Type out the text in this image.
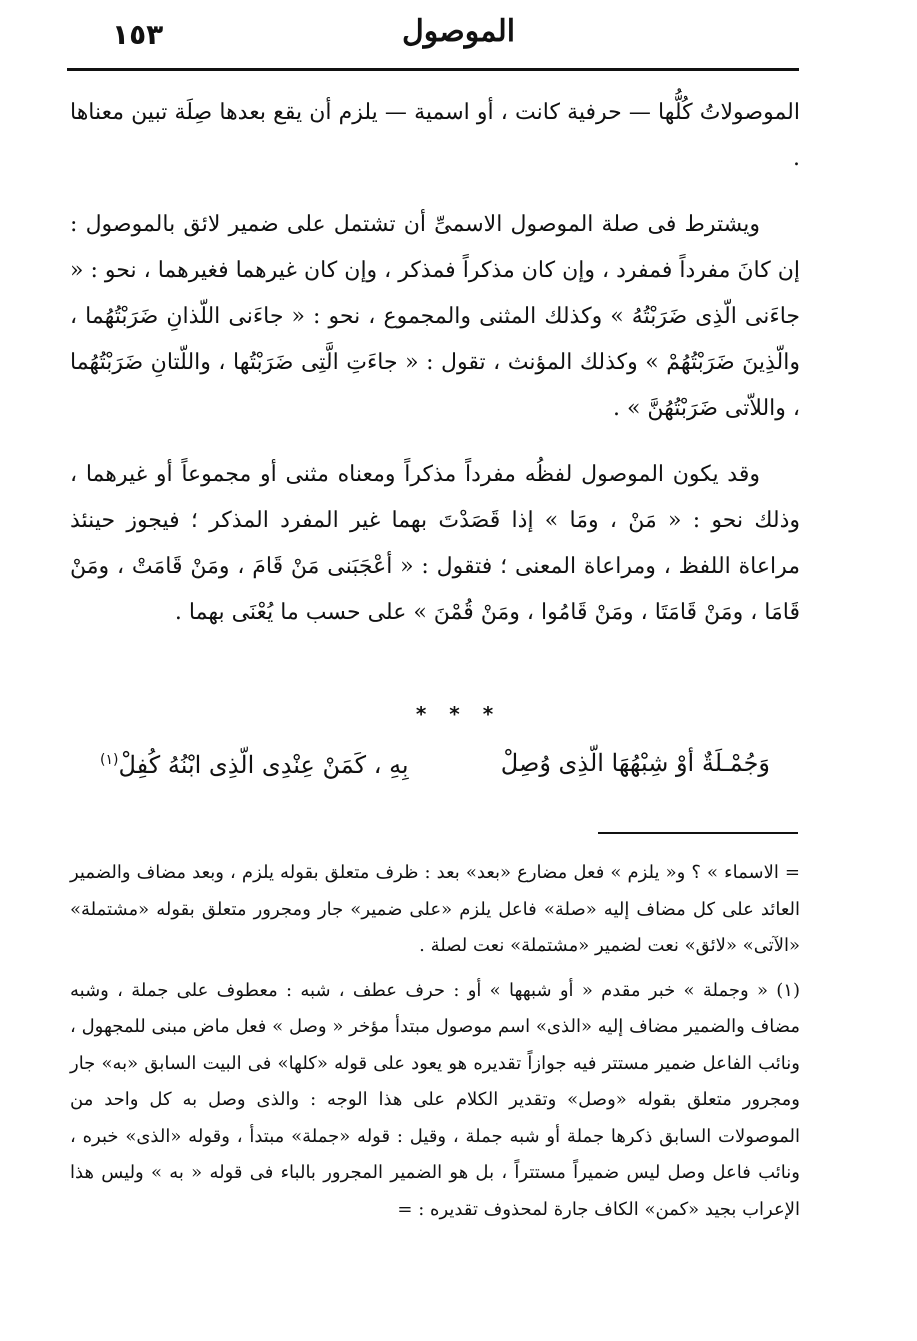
١٥٣	الموصول

الموصولاتُ كُلُّها — حرفية كانت ، أو اسمية — يلزم أن يقع بعدها صِلَة تبين معناها .

ويشترط فى صلة الموصول الاسمىِّ أن تشتمل على ضمير لائق بالموصول : إن كانَ مفرداً فمفرد ، وإن كان مذكراً فمذكر ، وإن كان غيرهما فغيرهما ، نحو : « جاءَنى الّذِى ضَرَبْتُهُ » وكذلك المثنى والمجموع ، نحو : « جاءَنى اللّذانِ ضَرَبْتُهُما ، والّذِينَ ضَرَبْتُهُمْ » وكذلك المؤنث ، تقول : « جاءَتِ الَّتِى ضَرَبْتُها ، واللّتانِ ضَرَبْتُهُما ، واللاّتى ضَرَبْتُهُنَّ » .

وقد يكون الموصول لفظُه مفرداً مذكراً ومعناه مثنى أو مجموعاً أو غيرهما ، وذلك نحو : « مَنْ ، ومَا » إذا قَصَدْتَ بهما غير المفرد المذكر ؛ فيجوز حينئذ مراعاة اللفظ ، ومراعاة المعنى ؛ فتقول : « أعْجَبَنى مَنْ قَامَ ، ومَنْ قَامَتْ ، ومَنْ قَامَا ، ومَنْ قَامَتَا ، ومَنْ قَامُوا ، ومَنْ قُمْنَ » على حسب ما يُعْنَى بهما .

* * *
وَجُمْـلَةٌ أوْ شِبْهُهَا الّذِى وُصِلْ
بِهِ ، كَمَنْ عِنْدِى الّذِى ابْنُهُ كُفِلْ$^{(١)}$

= الاسماء » ؟ و« يلزم » فعل مضارع «بعد» بعد : ظرف متعلق بقوله يلزم ، وبعد مضاف والضمير العائد على كل مضاف إليه «صلة» فاعل يلزم «على ضمير» جار ومجرور متعلق بقوله «مشتملة» «الآتى» «لائق» نعت لضمير «مشتملة» نعت لصلة .

(١) « وجملة » خبر مقدم « أو شبهها » أو : حرف عطف ، شبه : معطوف على جملة ، وشبه مضاف والضمير مضاف إليه «الذى» اسم موصول مبتدأ مؤخر « وصل » فعل ماض مبنى للمجهول ، ونائب الفاعل ضمير مستتر فيه جوازاً تقديره هو يعود على قوله «كلها» فى البيت السابق «به» جار ومجرور متعلق بقوله «وصل» وتقدير الكلام على هذا الوجه : والذى وصل به كل واحد من الموصولات السابق ذكرها جملة أو شبه جملة ، وقيل : قوله «جملة» مبتدأ ، وقوله «الذى» خبره ، ونائب فاعل وصل ليس ضميراً مستتراً ، بل هو الضمير المجرور بالباء فى قوله « به » وليس هذا الإعراب بجيد «كمن» الكاف جارة لمحذوف تقديره : =
